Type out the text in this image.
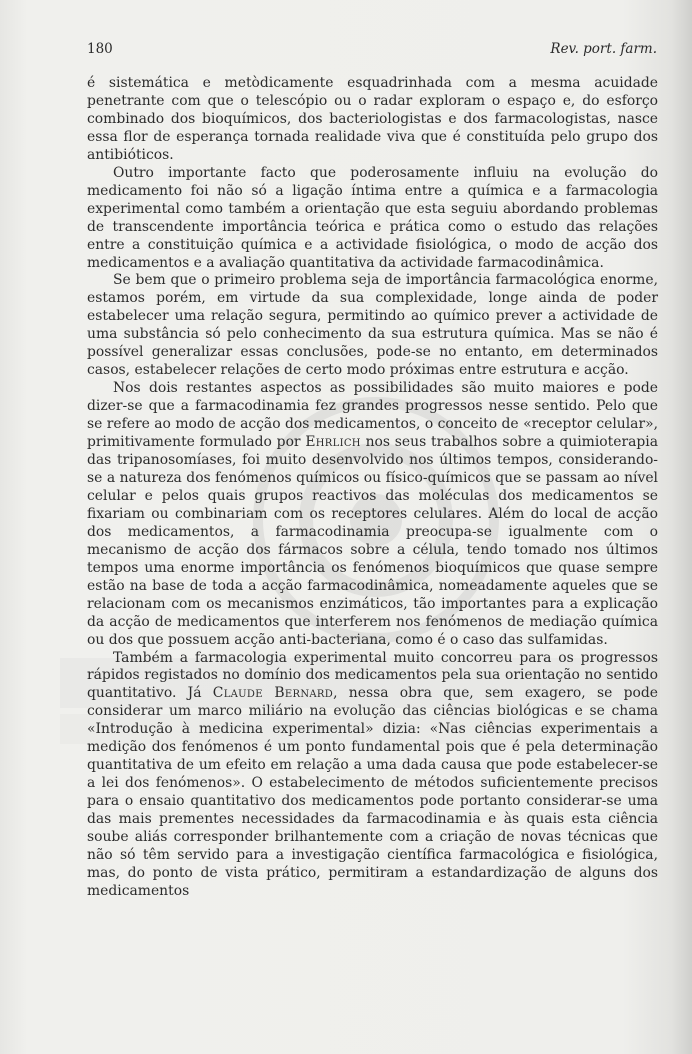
180	Rev. port. farm.

é sistemática e metòdicamente esquadrinhada com a mesma acuidade penetrante com que o telescópio ou o radar exploram o espaço e, do esforço combinado dos bioquímicos, dos bacteriologistas e dos farmacologistas, nasce essa flor de esperança tornada realidade viva que é constituída pelo grupo dos antibióticos.

Outro importante facto que poderosamente influiu na evolução do medicamento foi não só a ligação íntima entre a química e a farmacologia experimental como também a orientação que esta seguiu abordando problemas de transcendente importância teórica e prática como o estudo das relações entre a constituição química e a actividade fisiológica, o modo de acção dos medicamentos e a avaliação quantitativa da actividade farmacodinâmica.

Se bem que o primeiro problema seja de importância farmacológica enorme, estamos porém, em virtude da sua complexidade, longe ainda de poder estabelecer uma relação segura, permitindo ao químico prever a actividade de uma substância só pelo conhecimento da sua estrutura química. Mas se não é possível generalizar essas conclusões, pode-se no entanto, em determinados casos, estabelecer relações de certo modo próximas entre estrutura e acção.

Nos dois restantes aspectos as possibilidades são muito maiores e pode dizer-se que a farmacodinamia fez grandes progressos nesse sentido. Pelo que se refere ao modo de acção dos medicamentos, o conceito de «receptor celular», primitivamente formulado por Ehrlich nos seus trabalhos sobre a quimioterapia das tripanosomíases, foi muito desenvolvido nos últimos tempos, considerando-se a natureza dos fenómenos químicos ou físico-químicos que se passam ao nível celular e pelos quais grupos reactivos das moléculas dos medicamentos se fixariam ou combinariam com os receptores celulares. Além do local de acção dos medicamentos, a farmacodinamia preocupa-se igualmente com o mecanismo de acção dos fármacos sobre a célula, tendo tomado nos últimos tempos uma enorme importância os fenómenos bioquímicos que quase sempre estão na base de toda a acção farmacodinâmica, nomeadamente aqueles que se relacionam com os mecanismos enzimáticos, tão importantes para a explicação da acção de medicamentos que interferem nos fenómenos de mediação química ou dos que possuem acção anti-bacteriana, como é o caso das sulfamidas.

Também a farmacologia experimental muito concorreu para os progressos rápidos registados no domínio dos medicamentos pela sua orientação no sentido quantitativo. Já Claude Bernard, nessa obra que, sem exagero, se pode considerar um marco miliário na evolução das ciências biológicas e se chama «Introdução à medicina experimental» dizia: «Nas ciências experimentais a medição dos fenómenos é um ponto fundamental pois que é pela determinação quantitativa de um efeito em relação a uma dada causa que pode estabelecer-se a lei dos fenómenos». O estabelecimento de métodos suficientemente precisos para o ensaio quantitativo dos medicamentos pode portanto considerar-se uma das mais prementes necessidades da farmacodinamia e às quais esta ciência soube aliás corresponder brilhantemente com a criação de novas técnicas que não só têm servido para a investigação científica farmacológica e fisiológica, mas, do ponto de vista prático, permitiram a estandardização de alguns dos medicamentos
